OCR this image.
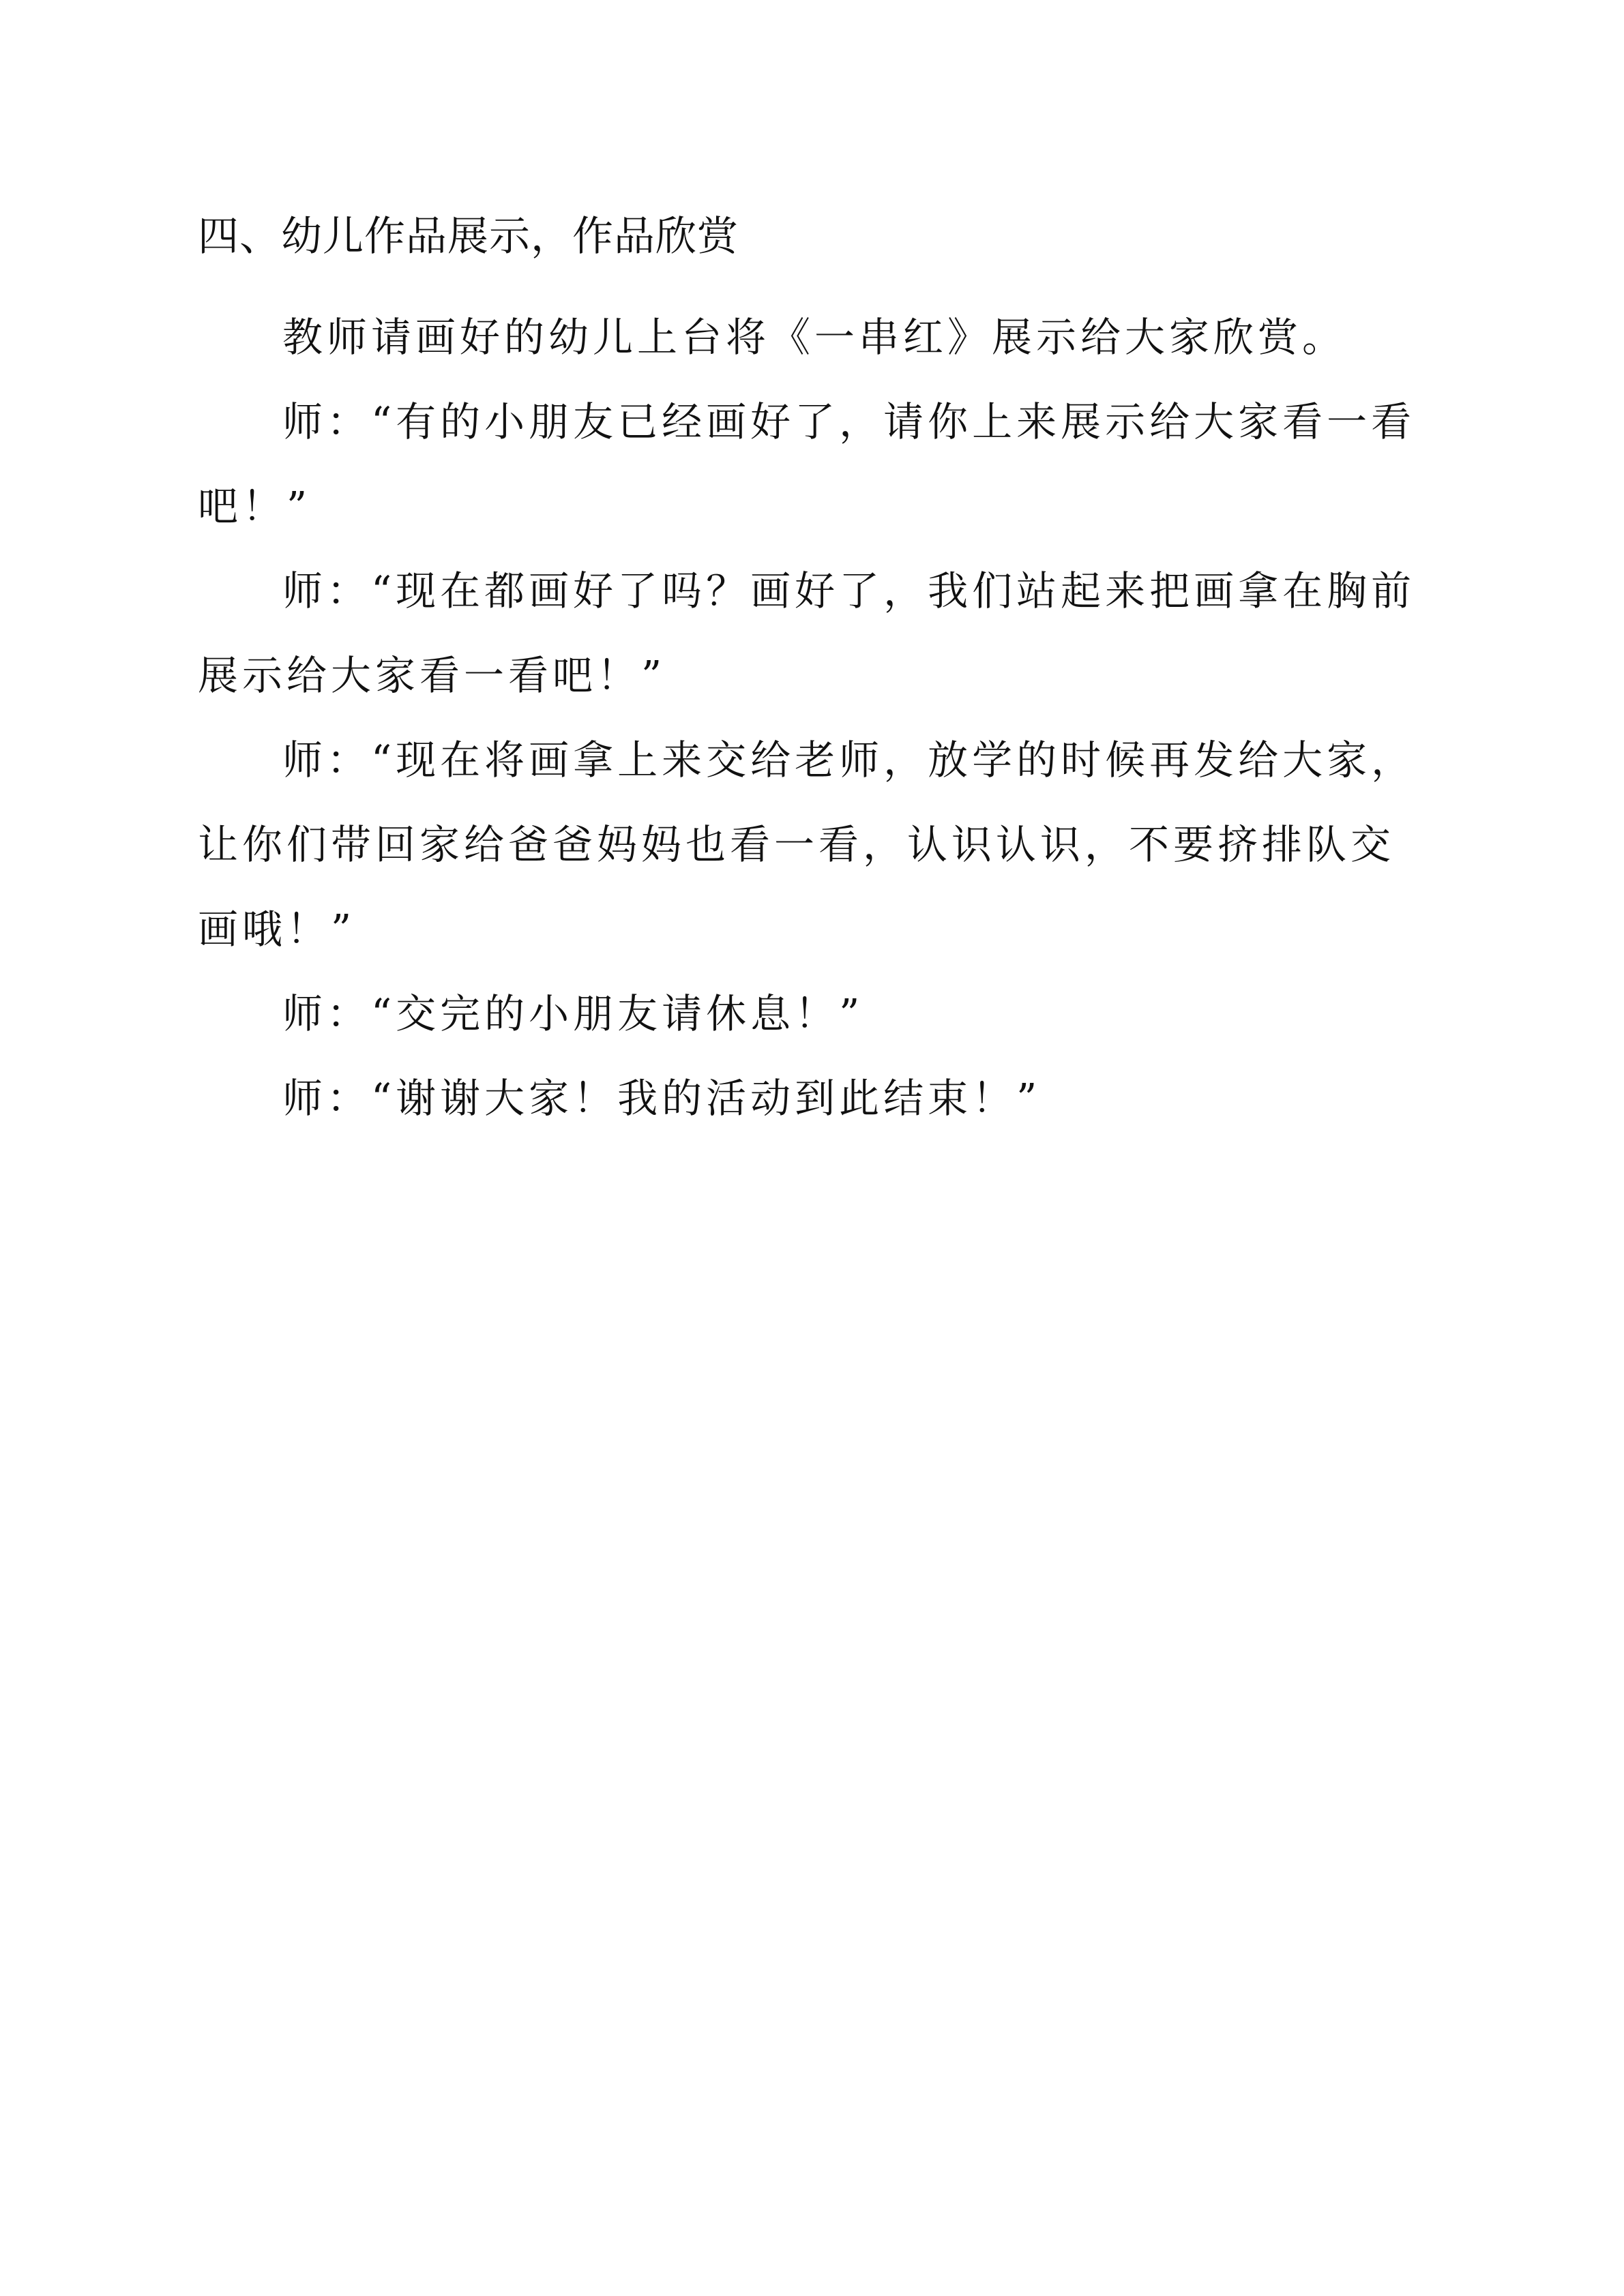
四、幼儿作品展示，作品欣赏

教师请画好的幼儿上台将《一串红》展示给大家欣赏。

师：“有的小朋友已经画好了，请你上来展示给大家看一看吧！”

师：“现在都画好了吗？画好了，我们站起来把画拿在胸前展示给大家看一看吧！”

师：“现在将画拿上来交给老师，放学的时候再发给大家，让你们带回家给爸爸妈妈也看一看，认识认识，不要挤排队交画哦！”

师：“交完的小朋友请休息！”

师：“谢谢大家！我的活动到此结束！”
